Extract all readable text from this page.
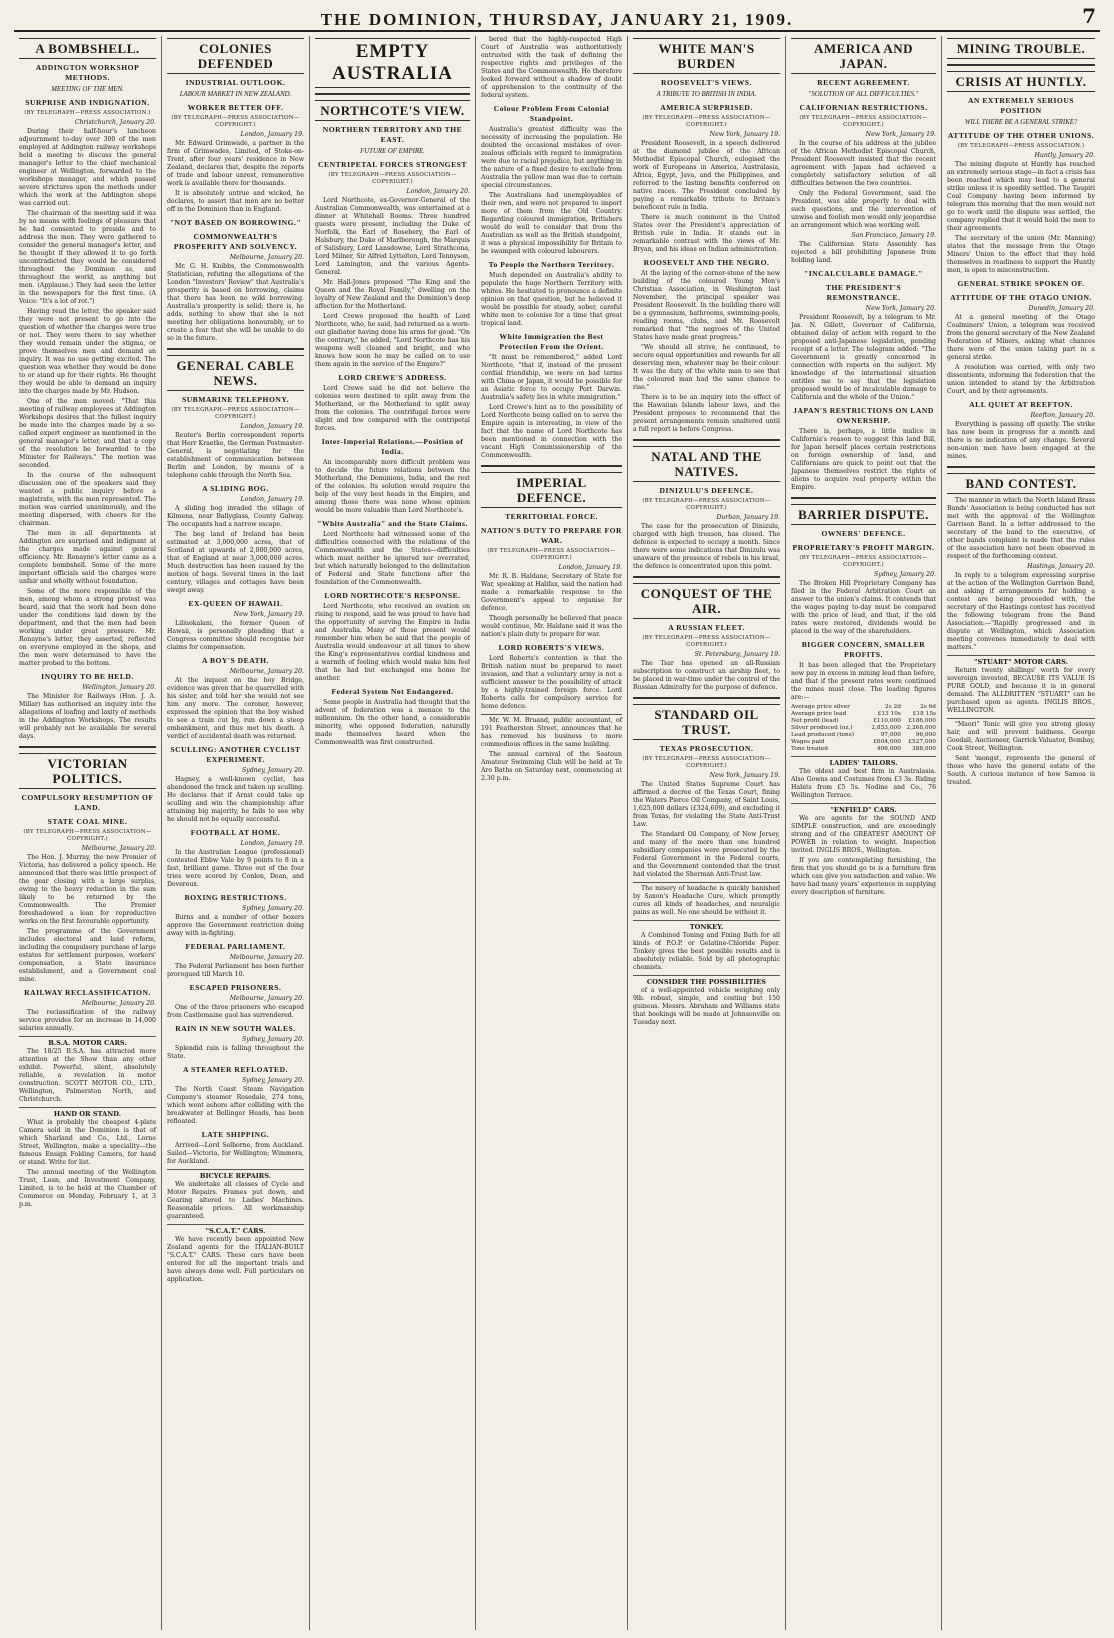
THE DOMINION, THURSDAY, JANUARY 21, 1909.	7
A BOMBSHELL.
ADDINGTON WORKSHOP METHODS.
MEETING OF THE MEN.
SURPRISE AND INDIGNATION.
(BY TELEGRAPH—PRESS ASSOCIATION.)
Christchurch, January 20.

During their half-hour's luncheon adjournment to-day over 300 of the men employed at Addington railway workshops held a meeting to discuss the general manager's letter to the chief mechanical engineer at Wellington, forwarded to the workshops manager, and which passed severe strictures upon the methods under which the work at the Addington shops was carried out.

The chairman of the meeting said it was by no means with feelings of pleasure that he had consented to preside and to address the men. They were gathered to consider the general manager's letter, and he thought if they allowed it to go forth uncontradicted they would be considered throughout the Dominion as, and throughout the world, as anything but men. (Applause.) They had seen the letter in the newspapers for the first time. (A Voice: "It's a lot of rot.")

Having read the letter, the speaker said they were not present to go into the question of whether the charges were true or not. They were there to say whether they would remain under the stigma, or prove themselves men and demand an inquiry. It was no use getting excited. The question was whether they would be done to or stand up for their rights. He thought they would be able to demand an inquiry into the charges made by Mr. Hudson.

One of the men moved: "That this meeting of railway employees at Addington Workshops desires that the fullest inquiry be made into the charges made by a so-called expert engineer as mentioned in the general manager's letter, and that a copy of the resolution be forwarded to the Minister for Railways." The motion was seconded.

In the course of the subsequent discussion one of the speakers said they wanted a public inquiry before a magistrate, with the men represented. The motion was carried unanimously, and the meeting dispersed, with cheers for the chairman.

The men in all departments at Addington are surprised and indignant at the charges made against general efficiency. Mr. Ronayne's letter came as a complete bombshell. Some of the more important officials said the charges were unfair and wholly without foundation.

Some of the more responsible of the men, among whom a strong protest was heard, said that the work had been done under the conditions laid down by the department, and that the men had been working under great pressure. Mr. Ronayne's letter, they asserted, reflected on everyone employed in the shops, and the men were determined to have the matter probed to the bottom.

INQUIRY TO BE HELD.
Wellington, January 20.

The Minister for Railways (Hon. J. A. Millar) has authorised an inquiry into the allegations of loafing and laxity of methods in the Addington Workshops. The results will probably not be available for several days.

VICTORIAN POLITICS.
COMPULSORY RESUMPTION OF LAND.
STATE COAL MINE.
(BY TELEGRAPH—PRESS ASSOCIATION—COPYRIGHT.)
Melbourne, January 20.

The Hon. J. Murray, the new Premier of Victoria, has delivered a policy speech. He announced that there was little prospect of the gear closing with a large surplus, owing to the heavy reduction in the sum likely to be returned by the Commonwealth. The Premier foreshadowed a loan for reproductive works on the first favourable opportunity.

The programme of the Government includes electoral and land reform, including the compulsory purchase of large estates for settlement purposes, workers' compensation, a State insurance establishment, and a Government coal mine.

RAILWAY RECLASSIFICATION.
Melbourne, January 20.

The reclassification of the railway service provides for an increase in 14,000 salaries annually.

B.S.A. MOTOR CARS.

The 18/25 B.S.A. has attracted more attention at the Show than any other exhibit. Powerful, silent, absolutely reliable, a revelation in motor construction. SCOTT MOTOR CO., LTD., Wellington, Palmerston North, and Christchurch.

HAND OR STAND.

What is probably the cheapest 4-plate Camera sold in the Dominion is that of which Sharland and Co., Ltd., Lorne Street, Wellington, make a speciality—the famous Ensign Folding Camera, for hand or stand. Write for list.

The annual meeting of the Wellington Trust, Loan, and Investment Company, Limited, is to be held at the Chamber of Commerce on Monday, February 1, at 3 p.m.

COLONIES DEFENDED
INDUSTRIAL OUTLOOK.
LABOUR MARKET IN NEW ZEALAND.
WORKER BETTER OFF.
(BY TELEGRAPH—PRESS ASSOCIATION—COPYRIGHT.)
London, January 19.

Mr. Edward Grimwade, a partner in the firm of Grimwades, Limited, of Stoke-on-Trent, after four years' residence in New Zealand, declares that, despite the reports of trade and labour unrest, remunerative work is available there for thousands.

It is absolutely untrue and wicked, he declares, to assert that men are no better off in the Dominion than in England.

"NOT BASED ON BORROWING."
COMMONWEALTH'S PROSPERITY AND SOLVENCY.
Melbourne, January 20.

Mr. G. H. Knibbs, the Commonwealth Statistician, refuting the allegations of the London "Investors' Review" that Australia's prosperity is based on borrowing, claims that there has been no wild borrowing. Australia's prosperity is solid; there is, he adds, nothing to show that she is not meeting her obligations honourably, or to create a fear that she will be unable to do so in the future.

GENERAL CABLE NEWS.
SUBMARINE TELEPHONY.
(BY TELEGRAPH—PRESS ASSOCIATION—COPYRIGHT.)
London, January 19.

Reuter's Berlin correspondent reports that Herr Kraetke, the German Postmaster-General, is negotiating for the establishment of communication between Berlin and London, by means of a telephone cable through the North Sea.

A SLIDING BOG.
London, January 19.

A sliding bog invaded the village of Kilmena, near Ballyglass, County Galway. The occupants had a narrow escape.

The bog land of Ireland has been estimated at 3,000,000 acres, that of Scotland at upwards of 2,000,000 acres, that of England at near 3,000,000 acres. Much destruction has been caused by the motion of bogs. Several times in the last century, villages and cottages have been swept away.

EX-QUEEN OF HAWAII.
New York, January 19.

Liliuokalani, the former Queen of Hawaii, is personally pleading that a Congress committee should recognise her claims for compensation.

A BOY'S DEATH.
Melbourne, January 20.

At the inquest on the boy Bridge, evidence was given that he quarrelled with his sister, and told her she would not see him any more. The coroner, however, expressed the opinion that the boy wished to see a train cut by, run down a steep embankment, and thus met his death. A verdict of accidental death was returned.

SCULLING: ANOTHER CYCLIST EXPERIMENT.
Sydney, January 20.

Hagney, a well-known cyclist, has abandoned the track and taken up sculling. He declares that if Arnst could take up sculling and win the championship after attaining big majority, he fails to see why he should not be equally successful.

FOOTBALL AT HOME.
London, January 19.

In the Australian League (professional) contested Ebbw Vale by 9 points to 8 in a fast, brilliant game. Three out of the four tries were scored by Conlon, Dean, and Devereux.

BOXING RESTRICTIONS.
Sydney, January 20.

Burns and a number of other boxers approve the Government restriction doing away with in-fighting.

FEDERAL PARLIAMENT.
Melbourne, January 20.

The Federal Parliament has been further prorogued till March 10.

ESCAPED PRISONERS.
Melbourne, January 20.

One of the three prisoners who escaped from Castlemaine gaol has surrendered.

RAIN IN NEW SOUTH WALES.
Sydney, January 20.

Splendid rain is falling throughout the State.

A STEAMER REFLOATED.
Sydney, January 20.

The North Coast Steam Navigation Company's steamer Rosedale, 274 tons, which went ashore after colliding with the breakwater at Bellinger Heads, has been refloated.

LATE SHIPPING.

Arrived—Lord Selborne, from Auckland. Sailed—Victoria, for Wellington; Wimmera, for Auckland.

BICYCLE REPAIRS.

We undertake all classes of Cycle and Motor Repairs. Frames put down, and Gearing altered to Ladies' Machines. Reasonable prices. All workmanship guaranteed.

"S.C.A.T." CARS.

We have recently been appointed New Zealand agents for the ITALIAN-BUILT "S.C.A.T." CARS. These cars have been entered for all the important trials and have always done well. Full particulars on application.

EMPTY AUSTRALIA
NORTHCOTE'S VIEW.
NORTHERN TERRITORY AND THE EAST.
FUTURE OF EMPIRE.
CENTRIPETAL FORCES STRONGEST
(BY TELEGRAPH—PRESS ASSOCIATION—COPYRIGHT.)
London, January 20.

Lord Northcote, ex-Governor-General of the Australian Commonwealth, was entertained at a dinner at Whitehall Rooms. Three hundred guests were present, including the Duke of Norfolk, the Earl of Rosebery, the Earl of Halsbury, the Duke of Marlborough, the Marquis of Salisbury, Lord Lansdowne, Lord Strathcona, Lord Milner, Sir Alfred Lyttelton, Lord Tennyson, Lord Lamington, and the various Agents-General.

Mr. Hall-Jones proposed "The King and the Queen and the Royal Family," dwelling on the loyalty of New Zealand and the Dominion's deep affection for the Motherland.

Lord Crewe proposed the health of Lord Northcote, who, he said, had returned as a worn-out gladiator having done his arms for good. "On the contrary," he added, "Lord Northcote has his weapons well cleaned and bright, and who knows how soon he may be called on to use them again in the service of the Empire?"

LORD CREWE'S ADDRESS.

Lord Crewe said he did not believe the colonies were destined to split away from the Motherland, or the Motherland to split away from the colonies. The centrifugal forces were slight and few compared with the centripetal forces.

Inter-Imperial Relations.—Position of India.

An incomparably more difficult problem was to decide the future relations between the Motherland, the Dominions, India, and the rest of the colonies. Its solution would require the help of the very best heads in the Empire, and among those there was none whose opinion would be more valuable than Lord Northcote's.

"White Australia" and the State Claims.

Lord Northcote had witnessed some of the difficulties connected with the relations of the Commonwealth and the States—difficulties which must neither be ignored nor overrated, but which naturally belonged to the delimitation of Federal and State functions after the foundation of the Commonwealth.

LORD NORTHCOTE'S RESPONSE.

Lord Northcote, who received an ovation on rising to respond, said he was proud to have had the opportunity of serving the Empire in India and Australia. Many of those present would remember him when he said that the people of Australia would endeavour at all times to show the King's representatives cordial kindness and a warmth of feeling which would make him feel that he had but exchanged one home for another.

Federal System Not Endangered.

Some people in Australia had thought that the advent of federation was a menace to the millennium. On the other hand, a considerable minority, who opposed federation, naturally made themselves heard when the Commonwealth was first constructed.

bered that the highly-respected High Court of Australia was authoritatively entrusted with the task of defining the respective rights and privileges of the States and the Commonwealth. He therefore looked forward without a shadow of doubt of apprehension to the continuity of the federal system.

Colour Problem From Colonial Standpoint.

Australia's greatest difficulty was the necessity of increasing the population. He doubted the occasional mistakes of over-zealous officials with regard to immigration were due to racial prejudice, but anything in the nature of a fixed desire to exclude from Australia the yellow man was due to certain special circumstances.

The Australians had unemployables of their own, and were not prepared to import more of them from the Old Country. Regarding coloured immigration, Britishers would do well to consider that from the Australian as well as the British standpoint, it was a physical impossibility for Britain to be swamped with coloured labourers.

To People the Northern Territory.

Much depended on Australia's ability to populate the huge Northern Territory with whites. He hesitated to pronounce a definite opinion on that question, but he believed it would be possible for steady, sober, careful white men to colonise for a time that great tropical land.

White Immigration the Best Protection From the Orient.

"It must be remembered," added Lord Northcote, "that if, instead of the present cordial friendship, we were on bad terms with China or Japan, it would be possible for an Asiatic force to occupy Port Darwin. Australia's safety lies in white immigration."

Lord Crewe's hint as to the possibility of Lord Northcote being called on to serve the Empire again is interesting, in view of the fact that the name of Lord Northcote has been mentioned in connection with the vacant High Commissionership of the Commonwealth.

IMPERIAL DEFENCE.
TERRITORIAL FORCE.
NATION'S DUTY TO PREPARE FOR WAR.
(BY TELEGRAPH—PRESS ASSOCIATION—COPYRIGHT.)
London, January 19.

Mr. R. B. Haldane, Secretary of State for War, speaking at Halifax, said the nation had made a remarkable response to the Government's appeal to organise for defence.

Though personally he believed that peace would continue, Mr. Haldane said it was the nation's plain duty to prepare for war.

LORD ROBERTS'S VIEWS.

Lord Roberts's contention is that the British nation must be prepared to meet invasion, and that a voluntary army is not a sufficient answer to the possibility of attack by a highly-trained foreign force. Lord Roberts calls for compulsory service for home defence.

Mr. W. M. Bruand, public accountant, of 191 Featherston Street, announces that he has removed his business to more commodious offices in the same building.

The annual carnival of the Seatoun Amateur Swimming Club will be held at Te Aro Baths on Saturday next, commencing at 2.30 p.m.

WHITE MAN'S BURDEN
ROOSEVELT'S VIEWS.
A TRIBUTE TO BRITISH IN INDIA.
AMERICA SURPRISED.
(BY TELEGRAPH—PRESS ASSOCIATION—COPYRIGHT.)
New York, January 19.

President Roosevelt, in a speech delivered at the diamond jubilee of the African Methodist Episcopal Church, eulogised the work of Europeans in America, Australasia, Africa, Egypt, Java, and the Philippines, and referred to the lasting benefits conferred on native races. The President concluded by paying a remarkable tribute to Britain's beneficent rule in India.

There is much comment in the United States over the President's appreciation of British rule in India. It stands out in remarkable contrast with the views of Mr. Bryan, and his ideas on Indian administration.

ROOSEVELT AND THE NEGRO.

At the laying of the corner-stone of the new building of the coloured Young Men's Christian Association, in Washington last November, the principal speaker was President Roosevelt. In the building there will be a gymnasium, bathrooms, swimming-pools, reading rooms, clubs, and Mr. Roosevelt remarked that "the negroes of the United States have made great progress."

"We should all strive, he continued, to secure equal opportunities and rewards for all deserving men, whatever may be their colour. It was the duty of the white man to see that the coloured man had the same chance to rise."

There is to be an inquiry into the effect of the Hawaiian Islands labour laws, and the President proposes to recommend that the present arrangements remain unaltered until a full report is before Congress.

NATAL AND THE NATIVES.
DINIZULU'S DEFENCE.
(BY TELEGRAPH—PRESS ASSOCIATION—COPYRIGHT.)
Durban, January 19.

The case for the prosecution of Dinizulu, charged with high treason, has closed. The defence is expected to occupy a month. Since there were some indications that Dinizulu was unaware of the presence of rebels in his kraal, the defence is concentrated upon this point.

CONQUEST OF THE AIR.
A RUSSIAN FLEET.
(BY TELEGRAPH—PRESS ASSOCIATION—COPYRIGHT.)
St. Petersburg, January 19.

The Tsar has opened an all-Russian subscription to construct an airship fleet, to be placed in war-time under the control of the Russian Admiralty for the purpose of defence.

STANDARD OIL TRUST.
TEXAS PROSECUTION.
(BY TELEGRAPH—PRESS ASSOCIATION—COPYRIGHT.)
New York, January 19.

The United States Supreme Court has affirmed a decree of the Texas Court, fining the Waters Pierce Oil Company, of Saint Louis, 1,625,000 dollars (£324,609), and excluding it from Texas, for violating the State Anti-Trust Law.

The Standard Oil Company, of New Jersey, and many of the more than one hundred subsidiary companies were prosecuted by the Federal Government in the Federal courts, and the Government contended that the trust had violated the Sherman Anti-Trust law.

The misery of headache is quickly banished by Saxon's Headache Cure, which promptly cures all kinds of headaches, and neuralgic pains as well. No one should be without it.

TONKEY.

A Combined Toning and Fixing Bath for all kinds of P.O.P. or Gelatine-Chloride Paper. Tonkey gives the best possible results and is absolutely reliable. Sold by all photographic chemists.

CONSIDER THE POSSIBILITIES

of a well-appointed vehicle weighing only 9lb. robust, simple, and costing but 150 guineas. Messrs. Abraham and Williams state that bookings will be made at Johnsonville on Tuesday next.

AMERICA AND JAPAN.
RECENT AGREEMENT.
"SOLUTION OF ALL DIFFICULTIES."
CALIFORNIAN RESTRICTIONS.
(BY TELEGRAPH—PRESS ASSOCIATION—COPYRIGHT.)
New York, January 19.

In the course of his address at the jubilee of the African Methodist Episcopal Church, President Roosevelt insisted that the recent agreement with Japan had achieved a completely satisfactory solution of all difficulties between the two countries.

Only the Federal Government, said the President, was able properly to deal with such questions, and the intervention of unwise and foolish men would only jeopardise an arrangement which was working well.

San Francisco, January 19.

The Californian State Assembly has rejected a bill prohibiting Japanese from holding land.

"INCALCULABLE DAMAGE."
THE PRESIDENT'S REMONSTRANCE.
New York, January 20.

President Roosevelt, by a telegram to Mr. Jas. N. Gillett, Governor of California, obtained delay of action with regard to the proposed anti-Japanese legislation, pending receipt of a letter. The telegram added: "The Government is greatly concerned in connection with reports on the subject. My knowledge of the international situation entitles me to say that the legislation proposed would be of incalculable damage to California and the whole of the Union."

JAPAN'S RESTRICTIONS ON LAND OWNERSHIP.

There is, perhaps, a little malice in California's reason to suggest this land Bill, for Japan herself places certain restrictions on foreign ownership of land, and Californians are quick to point out that the Japanese themselves restrict the rights of aliens to acquire real property within the Empire.

BARRIER DISPUTE.
OWNERS' DEFENCE.
PROPRIETARY'S PROFIT MARGIN.
(BY TELEGRAPH—PRESS ASSOCIATION—COPYRIGHT.)
Sydney, January 20.

The Broken Hill Proprietary Company has filed in the Federal Arbitration Court an answer to the union's claims. It contends that the wages paying to-day must be compared with the price of lead, and that, if the old rates were restored, dividends would be placed in the way of the shareholders.

BIGGER CONCERN, SMALLER PROFITS.

It has been alleged that the Proprietary now pay in excess in mining lead than before, and that if the present rates were continued the mines must close. The leading figures are:—

Average price silver	2s 2d	2s 6d
Average price lead	£13 10s	£18 15s
Net profit (lead)	£110,000	£186,000
Silver produced (oz.)	2,853,000	2,268,000
Lead produced (tons)	97,000	96,000
Wages paid	£604,000	£527,000
Tons treated	406,000	388,000
LADIES' TAILORS.

The oldest and best firm in Australasia. Also Gowns and Costumes from £3 3s. Riding Habits from £5 5s. Nodine and Co., 76 Wellington Terrace.

"ENFIELD" CARS.

We are agents for the SOUND AND SIMPLE construction, and are exceedingly strong and of the GREATEST AMOUNT OF POWER in relation to weight. Inspection invited. INGLIS BROS., Wellington.

If you are contemplating furnishing, the firm that you should go to is a furniture firm which can give you satisfaction and value. We have had many years' experience in supplying every description of furniture.

MINING TROUBLE.
CRISIS AT HUNTLY.
AN EXTREMELY SERIOUS POSITION
WILL THERE BE A GENERAL STRIKE?
ATTITUDE OF THE OTHER UNIONS.
(BY TELEGRAPH—PRESS ASSOCIATION.)
Huntly, January 20.

The mining dispute at Huntly has reached an extremely serious stage—in fact a crisis has been reached which may lead to a general strike unless it is speedily settled. The Taupiri Coal Company having been informed by telegram this morning that the men would not go to work until the dispute was settled, the company replied that it would hold the men to their agreements.

The secretary of the union (Mr. Manning) states that the message from the Otago Miners' Union to the effect that they hold themselves in readiness to support the Huntly men, is open to misconstruction.

GENERAL STRIKE SPOKEN OF.
ATTITUDE OF THE OTAGO UNION.
Dunedin, January 20.

At a general meeting of the Otago Coalminers' Union, a telegram was received from the general secretary of the New Zealand Federation of Miners, asking what chances there were of the union taking part in a general strike.

A resolution was carried, with only two dissentients, informing the federation that the union intended to stand by the Arbitration Court, and by their agreements.

ALL QUIET AT REEFTON.
Reefton, January 20.

Everything is passing off quietly. The strike has now been in progress for a month and there is no indication of any change. Several non-union men have been engaged at the mines.

BAND CONTEST.

The manner in which the North Island Brass Bands' Association is being conducted has not met with the approval of the Wellington Garrison Band. In a letter addressed to the secretary of the band to the executive, of other bands complaint is made that the rules of the association have not been observed in respect of the forthcoming contest.

Hastings, January 20.

In reply to a telegram expressing surprise at the action of the Wellington Garrison Band, and asking if arrangements for holding a contest are being proceeded with, the secretary of the Hastings contest has received the following telegram from the Band Association:—"Rapidly progressed and in dispute at Wellington, which Association meeting convenes immediately to deal with matters."

"STUART" MOTOR CARS.

Return twenty shillings' worth for every sovereign invested, BECAUSE ITS VALUE IS PURE GOLD, and because it is in general demand. The ALLDRITTEN "STUART" can be purchased upon as agents. INGLIS BROS., WELLINGTON.

"Maori" Tonic will give you strong glossy hair, and will prevent baldness. George Goodall, Auctioneer, Garrick Valuator, Bombay, Cook Street, Wellington.

Sent 'mongst, represents the general of those who have the general estate of the South. A curious instance of how Samoa is treated.
